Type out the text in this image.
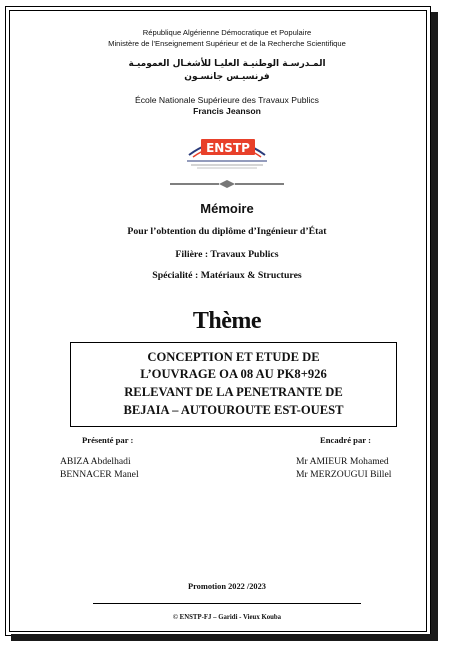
République Algérienne Démocratique et Populaire
Ministère de l’Enseignement Supérieur et de la Recherche Scientifique
المـدرسـة الوطنيـة العليـا للأشغـال العموميـة
فرنسيـس جانسـون
École Nationale Supérieure des Travaux Publics
Francis Jeanson
ENSTP
Mémoire
Pour l’obtention du diplôme d’Ingénieur d’État
Filière : Travaux Publics
Spécialité : Matériaux & Structures
Thème
CONCEPTION ET ETUDE DE
L’OUVRAGE OA 08 AU PK8+926
RELEVANT DE LA PENETRANTE DE
BEJAIA – AUTOUROUTE EST-OUEST
Présenté par :	Encadré par :
ABIZA Abdelhadi
BENNACER Manel
Mr AMIEUR Mohamed
Mr MERZOUGUI Billel
Promotion 2022 /2023
© ENSTP-FJ – Garidi - Vieux Kouba
